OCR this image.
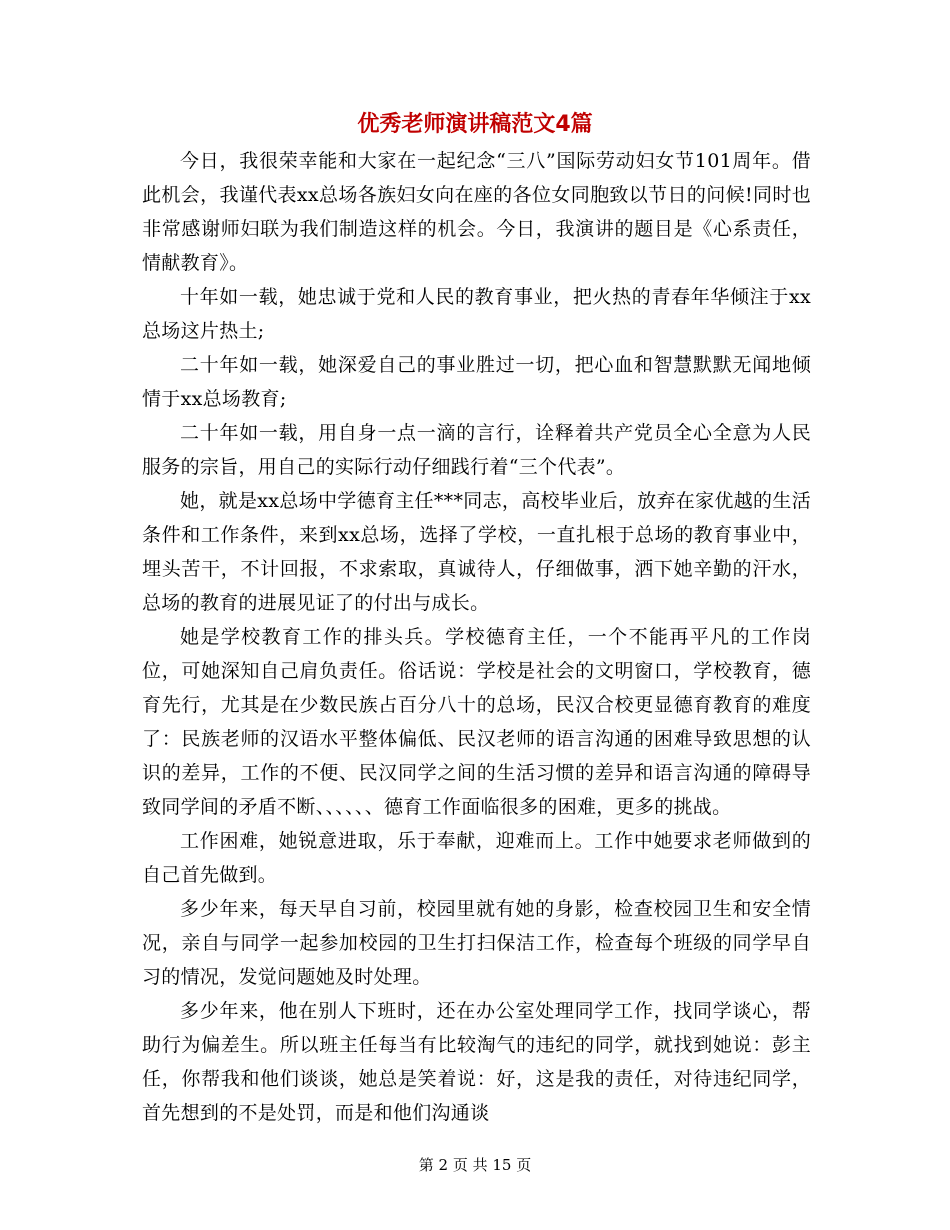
优秀老师演讲稿范文4篇

今日，我很荣幸能和大家在一起纪念“三八”国际劳动妇女节101周年。借此机会，我谨代表xx总场各族妇女向在座的各位女同胞致以节日的问候!同时也非常感谢师妇联为我们制造这样的机会。今日，我演讲的题目是《心系责任，情献教育》。

十年如一载，她忠诚于党和人民的教育事业，把火热的青春年华倾注于xx总场这片热土;

二十年如一载，她深爱自己的事业胜过一切，把心血和智慧默默无闻地倾情于xx总场教育;

二十年如一载，用自身一点一滴的言行，诠释着共产党员全心全意为人民服务的宗旨，用自己的实际行动仔细践行着“三个代表”。

她，就是xx总场中学德育主任***同志，高校毕业后，放弃在家优越的生活条件和工作条件，来到xx总场，选择了学校，一直扎根于总场的教育事业中，埋头苦干，不计回报，不求索取，真诚待人，仔细做事，洒下她辛勤的汗水，总场的教育的进展见证了的付出与成长。

她是学校教育工作的排头兵。学校德育主任，一个不能再平凡的工作岗位，可她深知自己肩负责任。俗话说：学校是社会的文明窗口，学校教育，德育先行，尤其是在少数民族占百分八十的总场，民汉合校更显德育教育的难度了：民族老师的汉语水平整体偏低、民汉老师的语言沟通的困难导致思想的认识的差异，工作的不便、民汉同学之间的生活习惯的差异和语言沟通的障碍导致同学间的矛盾不断、、、、、、德育工作面临很多的困难，更多的挑战。

工作困难，她锐意进取，乐于奉献，迎难而上。工作中她要求老师做到的自己首先做到。

多少年来，每天早自习前，校园里就有她的身影，检查校园卫生和安全情况，亲自与同学一起参加校园的卫生打扫保洁工作，检查每个班级的同学早自习的情况，发觉问题她及时处理。

多少年来，他在别人下班时，还在办公室处理同学工作，找同学谈心，帮助行为偏差生。所以班主任每当有比较淘气的违纪的同学，就找到她说：彭主任，你帮我和他们谈谈，她总是笑着说：好，这是我的责任，对待违纪同学，首先想到的不是处罚，而是和他们沟通谈

第 2 页 共 15 页
